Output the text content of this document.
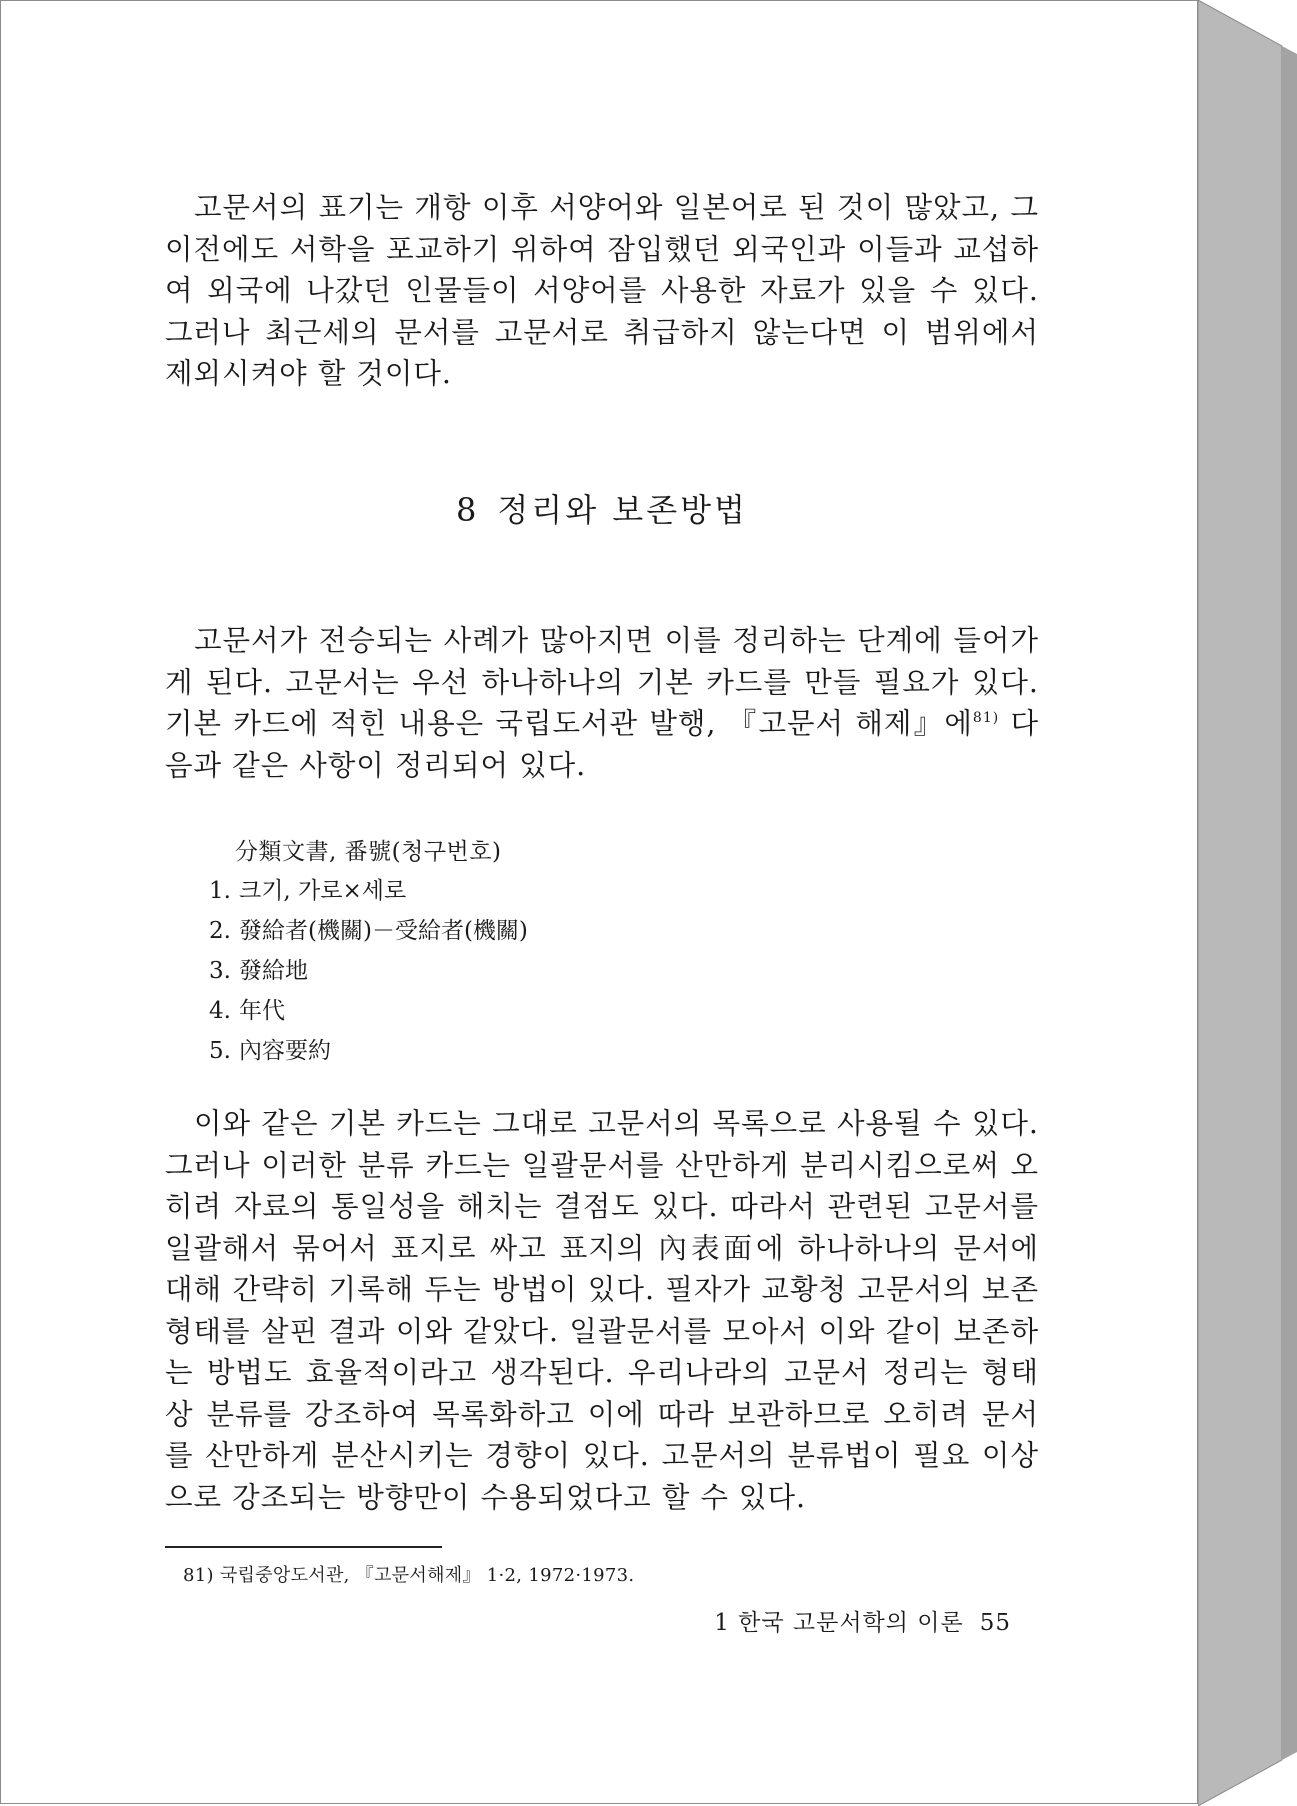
고문서의 표기는 개항 이후 서양어와 일본어로 된 것이 많았고, 그 이전에도 서학을 포교하기 위하여 잠입했던 외국인과 이들과 교섭하여 외국에 나갔던 인물들이 서양어를 사용한 자료가 있을 수 있다. 그러나 최근세의 문서를 고문서로 취급하지 않는다면 이 범위에서 제외시켜야 할 것이다.

8 정리와 보존방법

고문서가 전승되는 사례가 많아지면 이를 정리하는 단계에 들어가게 된다. 고문서는 우선 하나하나의 기본 카드를 만들 필요가 있다. 기본 카드에 적힌 내용은 국립도서관 발행, 『고문서 해제』에$^{81)}$ 다음과 같은 사항이 정리되어 있다.

分類文書, 番號(청구번호)

1. 크기, 가로×세로
2. 發給者(機關)－受給者(機關)
3. 發給地
4. 年代
5. 內容要約

이와 같은 기본 카드는 그대로 고문서의 목록으로 사용될 수 있다. 그러나 이러한 분류 카드는 일괄문서를 산만하게 분리시킴으로써 오히려 자료의 통일성을 해치는 결점도 있다. 따라서 관련된 고문서를 일괄해서 묶어서 표지로 싸고 표지의 內表面에 하나하나의 문서에 대해 간략히 기록해 두는 방법이 있다. 필자가 교황청 고문서의 보존형태를 살핀 결과 이와 같았다. 일괄문서를 모아서 이와 같이 보존하는 방법도 효율적이라고 생각된다. 우리나라의 고문서 정리는 형태상 분류를 강조하여 목록화하고 이에 따라 보관하므로 오히려 문서를 산만하게 분산시키는 경향이 있다. 고문서의 분류법이 필요 이상으로 강조되는 방향만이 수용되었다고 할 수 있다.

81) 국립중앙도서관, 『고문서해제』 1·2, 1972·1973.

1 한국 고문서학의 이론 55
